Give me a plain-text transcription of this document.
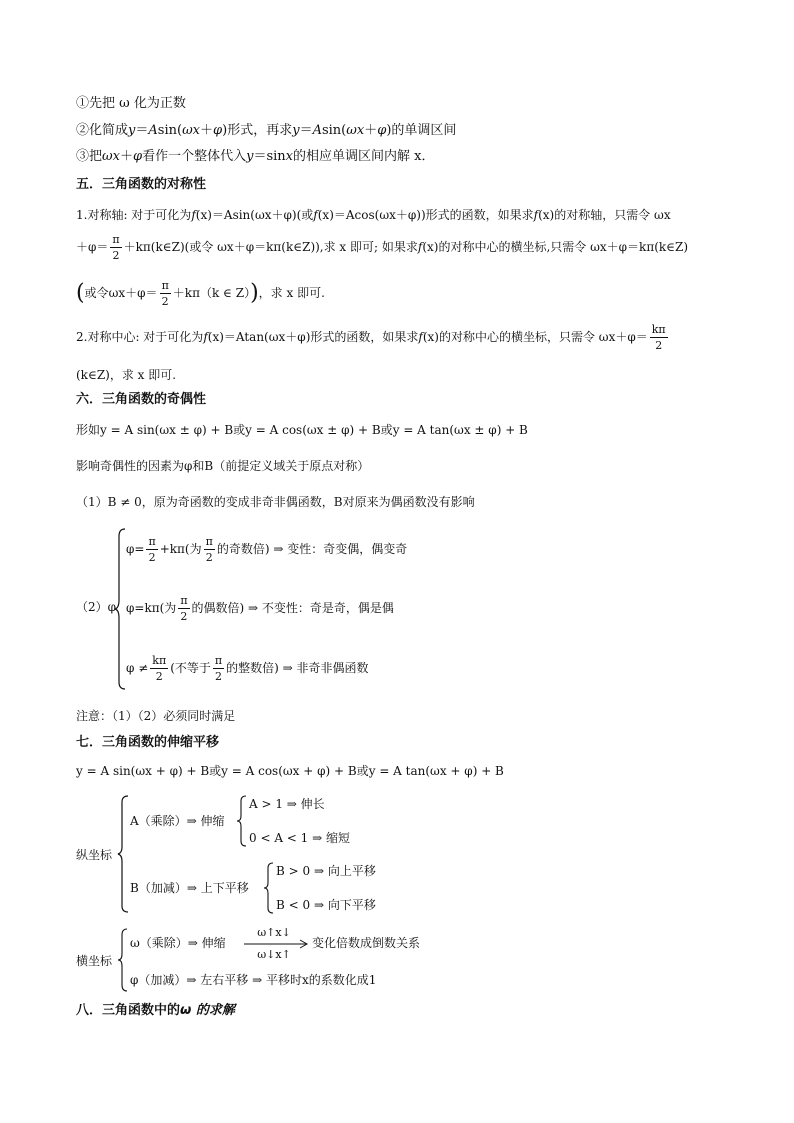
①先把 ω 化为正数
②化简成y＝Asin(ωx＋φ)形式，再求y＝Asin(ωx＋φ)的单调区间
③把ωx＋φ看作一个整体代入y＝sinx的相应单调区间内解 x．
五．三角函数的对称性
1.对称轴: 对于可化为f(x)＝Asin(ωx＋φ)(或f(x)＝Acos(ωx＋φ))形式的函数，如果求f(x)的对称轴，只需令 ωx
$+\varphi= \frac{\pi}{2}$ ＋kπ(k∈Z)(或令 ωx＋φ＝kπ(k∈Z)),求 x 即可; 如果求f(x)的对称中心的横坐标,只需令 ωx＋φ＝kπ(k∈Z)
(或令$\omega x+\varphi= \frac{\pi}{2} +k\pi(k$ ∈ Z）)，求 x 即可.
2.对称中心: 对于可化为f(x)＝Atan(ωx＋φ)形式的函数，如果求f(x)的对称中心的横坐标，只需令 $\omega x+\varphi= \frac{k\pi}{2}$
(k∈Z)，求 x 即可.
六．三角函数的奇偶性
形如y = A sin(ωx ± φ) + B或y = A cos(ωx ± φ) + B或y = A tan(ωx ± φ) + B
影响奇偶性的因素为φ和B（前提定义域关于原点对称）
（1）B ≠ 0，原为奇函数的变成非奇非偶函数，B对原来为偶函数没有影响
（2）φ
$\varphi= \frac{\pi}{2} +k\pi$(为 $\frac{\pi}{2}$ 的奇数倍) ⇒ 变性：奇变偶，偶变奇
φ=kπ(为 $\frac{\pi}{2}$ 的偶数倍) ⇒ 不变性：奇是奇，偶是偶
$\varphi \ne \frac{k\pi}{2}$ (不等于 $\frac{\pi}{2}$ 的整数倍) ⇒ 非奇非偶函数
注意：（1）（2）必须同时满足
七．三角函数的伸缩平移
y = A sin(ωx + φ) + B或y = A cos(ωx + φ) + B或y = A tan(ωx + φ) + B
纵坐标
A（乘除）⇒ 伸缩
A > 1 ⇒ 伸长
0 < A < 1 ⇒ 缩短
B（加减）⇒ 上下平移
B > 0 ⇒ 向上平移
B < 0 ⇒ 向下平移
横坐标
ω（乘除）⇒ 伸缩
ω↑x↓
ω↓x↑
变化倍数成倒数关系
φ（加减）⇒ 左右平移 ⇒ 平移时x的系数化成1
八．三角函数中的ω 的求解
